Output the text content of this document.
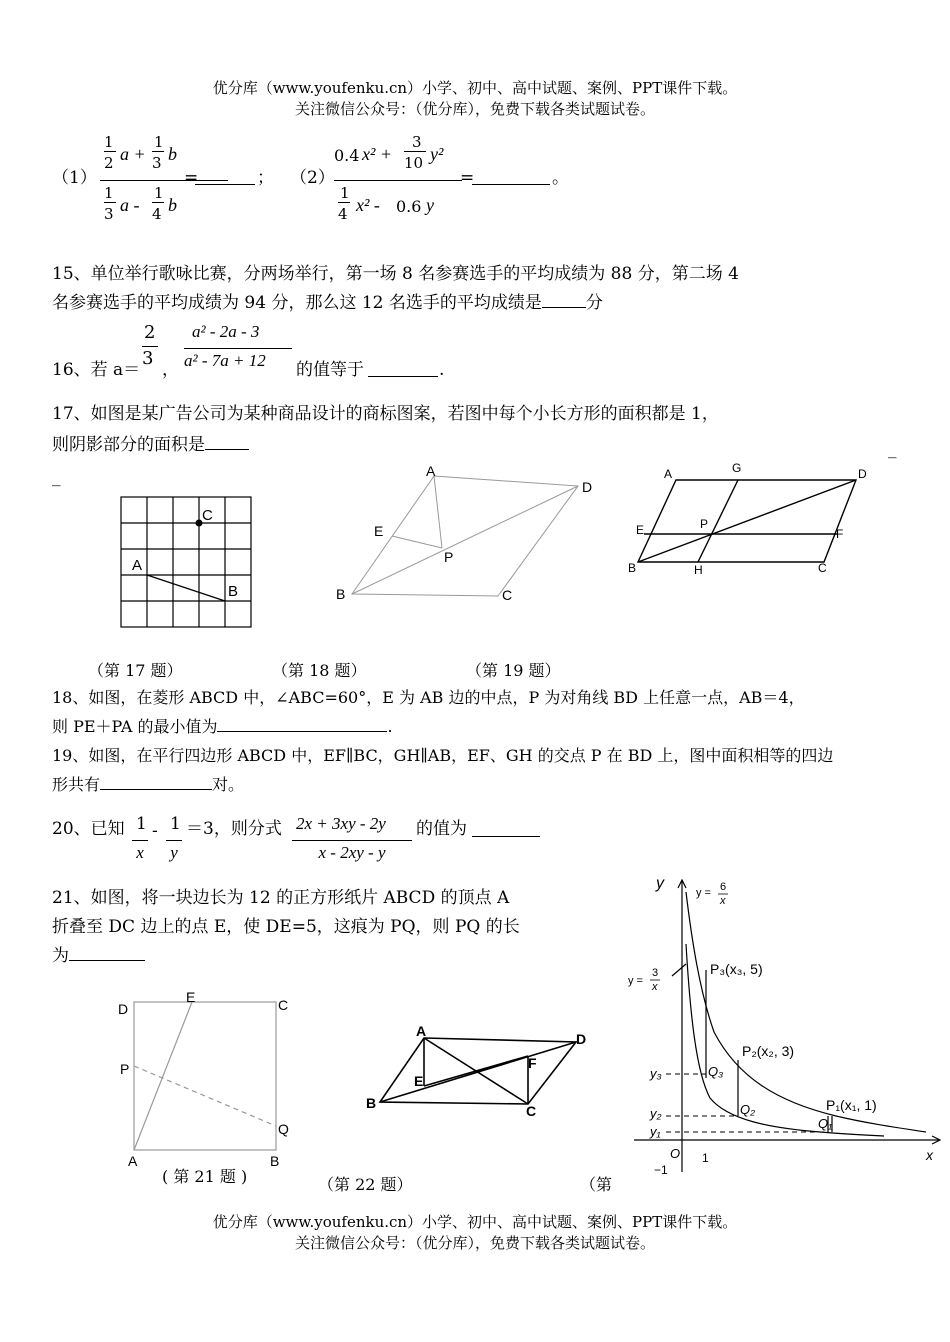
优分库（www.youfenku.cn）小学、初中、高中试题、案例、PPT课件下载。
关注微信公众号：（优分库），免费下载各类试题试卷。
（1）
1
2 a +
1
3 b
1
3 a -
1
4 b
=	； （2）
0.4 x² +
3
10 y²
1
4 x² - 0.6 y
=	。
15、单位举行歌咏比赛，分两场举行，第一场 8 名参赛选手的平均成绩为 88 分，第二场 4
名参赛选手的平均成绩为 94 分，那么这 12 名选手的平均成绩是	分
16、若 a＝
2
3
，
a² - 2a - 3
a² - 7a + 12	的值等于	.
17、如图是某广告公司为某种商品设计的商标图案，若图中每个小长方形的面积都是 1，
则阴影部分的面积是	_
_
C
A
B
A
D
E
P
B	C
A	G	D
E	P
F
B	H	C
（第 17 题）	（第 18 题）	（第 19 题）
18、如图，在菱形 ABCD 中，∠ABC=60°，E 为 AB 边的中点，P 为对角线 BD 上任意一点，AB＝4，
则 PE＋PA 的最小值为	.
19、如图，在平行四边形 ABCD 中，EF∥BC，GH∥AB，EF、GH 的交点 P 在 BD 上，图中面积相等的四边
形共有	对。
20、已知 1
x
- 1
y
＝3，则分式 2x + 3xy - 2y
x - 2xy - y
的值为
21、如图，将一块边长为 12 的正方形纸片 ABCD 的顶点 A
折叠至 DC 边上的点 E，使 DE=5，这痕为 PQ，则 PQ 的长
为
D
E	C
P
Q
A	B
( 第 21 题 )
A	D
E
F
B	C
（第 22 题）
y
y = 6
x
y =
3
x
P₃(x₃, 5)
P₂(x₂, 3)
P₁(x₁, 1)
Q₃
Q₂
Q₁
y₃
y₂
y₁
O 1
−1
x
（第
优分库（www.youfenku.cn）小学、初中、高中试题、案例、PPT课件下载。
关注微信公众号：（优分库），免费下载各类试题试卷。
